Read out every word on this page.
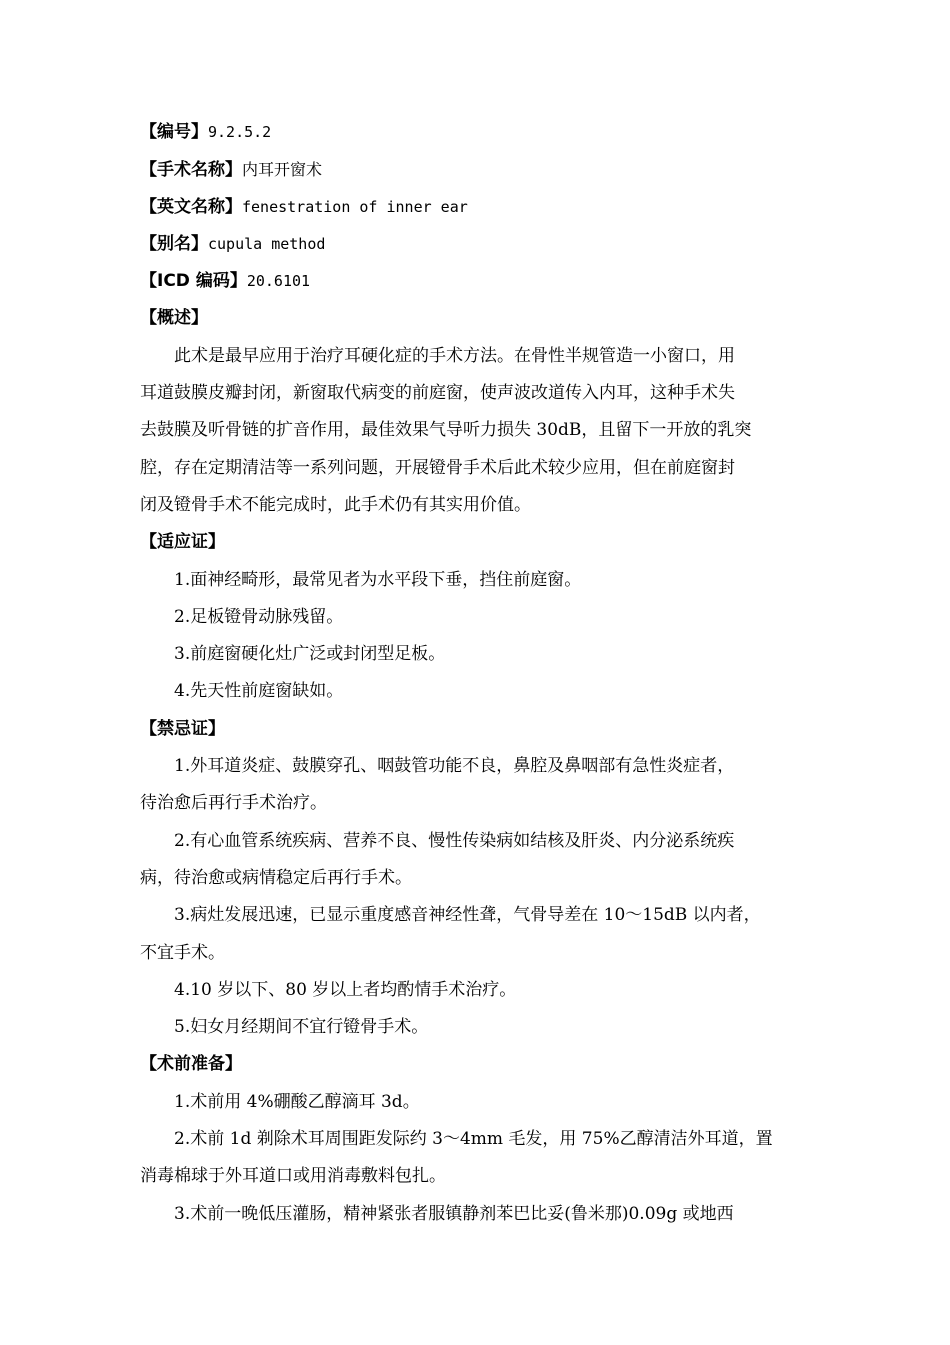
【编号】9.2.5.2
【手术名称】内耳开窗术
【英文名称】fenestration of inner ear
【别名】cupula method
【ICD 编码】20.6101
【概述】
此术是最早应用于治疗耳硬化症的手术方法。在骨性半规管造一小窗口，用
耳道鼓膜皮瓣封闭，新窗取代病变的前庭窗，使声波改道传入内耳，这种手术失
去鼓膜及听骨链的扩音作用，最佳效果气导听力损失 30dB，且留下一开放的乳突
腔，存在定期清洁等一系列问题，开展镫骨手术后此术较少应用，但在前庭窗封
闭及镫骨手术不能完成时，此手术仍有其实用价值。
【适应证】
1.面神经畸形，最常见者为水平段下垂，挡住前庭窗。
2.足板镫骨动脉残留。
3.前庭窗硬化灶广泛或封闭型足板。
4.先天性前庭窗缺如。
【禁忌证】
1.外耳道炎症、鼓膜穿孔、咽鼓管功能不良，鼻腔及鼻咽部有急性炎症者，
待治愈后再行手术治疗。
2.有心血管系统疾病、营养不良、慢性传染病如结核及肝炎、内分泌系统疾
病，待治愈或病情稳定后再行手术。
3.病灶发展迅速，已显示重度感音神经性聋，气骨导差在 10～15dB 以内者，
不宜手术。
4.10 岁以下、80 岁以上者均酌情手术治疗。
5.妇女月经期间不宜行镫骨手术。
【术前准备】
1.术前用 4%硼酸乙醇滴耳 3d。
2.术前 1d 剃除术耳周围距发际约 3～4mm 毛发，用 75%乙醇清洁外耳道，置
消毒棉球于外耳道口或用消毒敷料包扎。
3.术前一晚低压灌肠，精神紧张者服镇静剂苯巴比妥(鲁米那)0.09g 或地西
